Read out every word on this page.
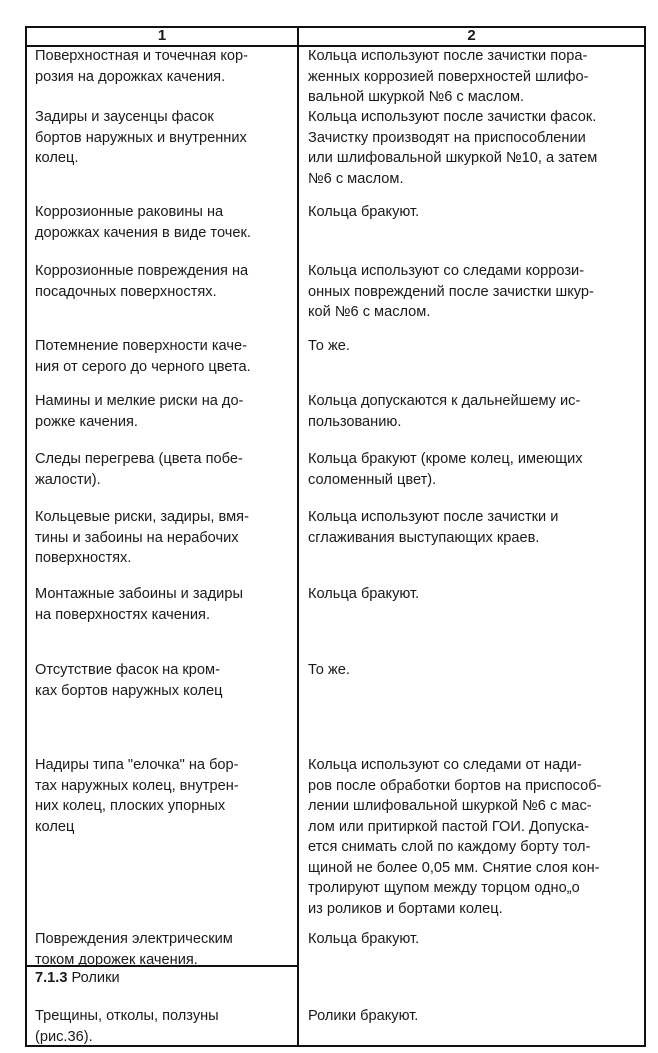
1	2
Поверхностная и точечная кор-
розия на дорожках качения.
Кольца используют после зачистки пора-
женных коррозией поверхностей шлифо-
вальной шкуркой №6 с маслом.
Задиры и заусенцы фасок
бортов наружных и внутренних
колец.
Кольца используют после зачистки фасок.
Зачистку производят на приспособлении
или шлифовальной шкуркой №10, а затем
№6 с маслом.
Коррозионные раковины на
дорожках качения в виде точек.
Кольца бракуют.
Коррозионные повреждения на
посадочных поверхностях.
Кольца используют со следами коррози-
онных повреждений после зачистки шкур-
кой №6 с маслом.
Потемнение поверхности каче-
ния от серого до черного цвета.
То же.
Намины и мелкие риски на до-
рожке качения.
Кольца допускаются к дальнейшему ис-
пользованию.
Следы перегрева (цвета побе-
жалости).
Кольца бракуют (кроме колец, имеющих
соломенный цвет).
Кольцевые риски, задиры, вмя-
тины и забоины на нерабочих
поверхностях.
Кольца используют после зачистки и
сглаживания выступающих краев.
Монтажные забоины и задиры
на поверхностях качения.
Кольца бракуют.
Отсутствие фасок на кром-
ках бортов наружных колец
То же.
Надиры типа "елочка" на бор-
тах наружных колец, внутрен-
них колец, плоских упорных
колец
Кольца используют со следами от нади-
ров после обработки бортов на приспособ-
лении шлифовальной шкуркой №6 с мас-
лом или притиркой пастой ГОИ. Допуска-
ется снимать слой по каждому борту тол-
щиной не более 0,05 мм. Снятие слоя кон-
тролируют щупом между торцом одно„о
из роликов и бортами колец.
Повреждения электрическим
током дорожек качения.
Кольца бракуют.
7.1.3 Ролики
Трещины, отколы, ползуны
(рис.36).
Ролики бракуют.
